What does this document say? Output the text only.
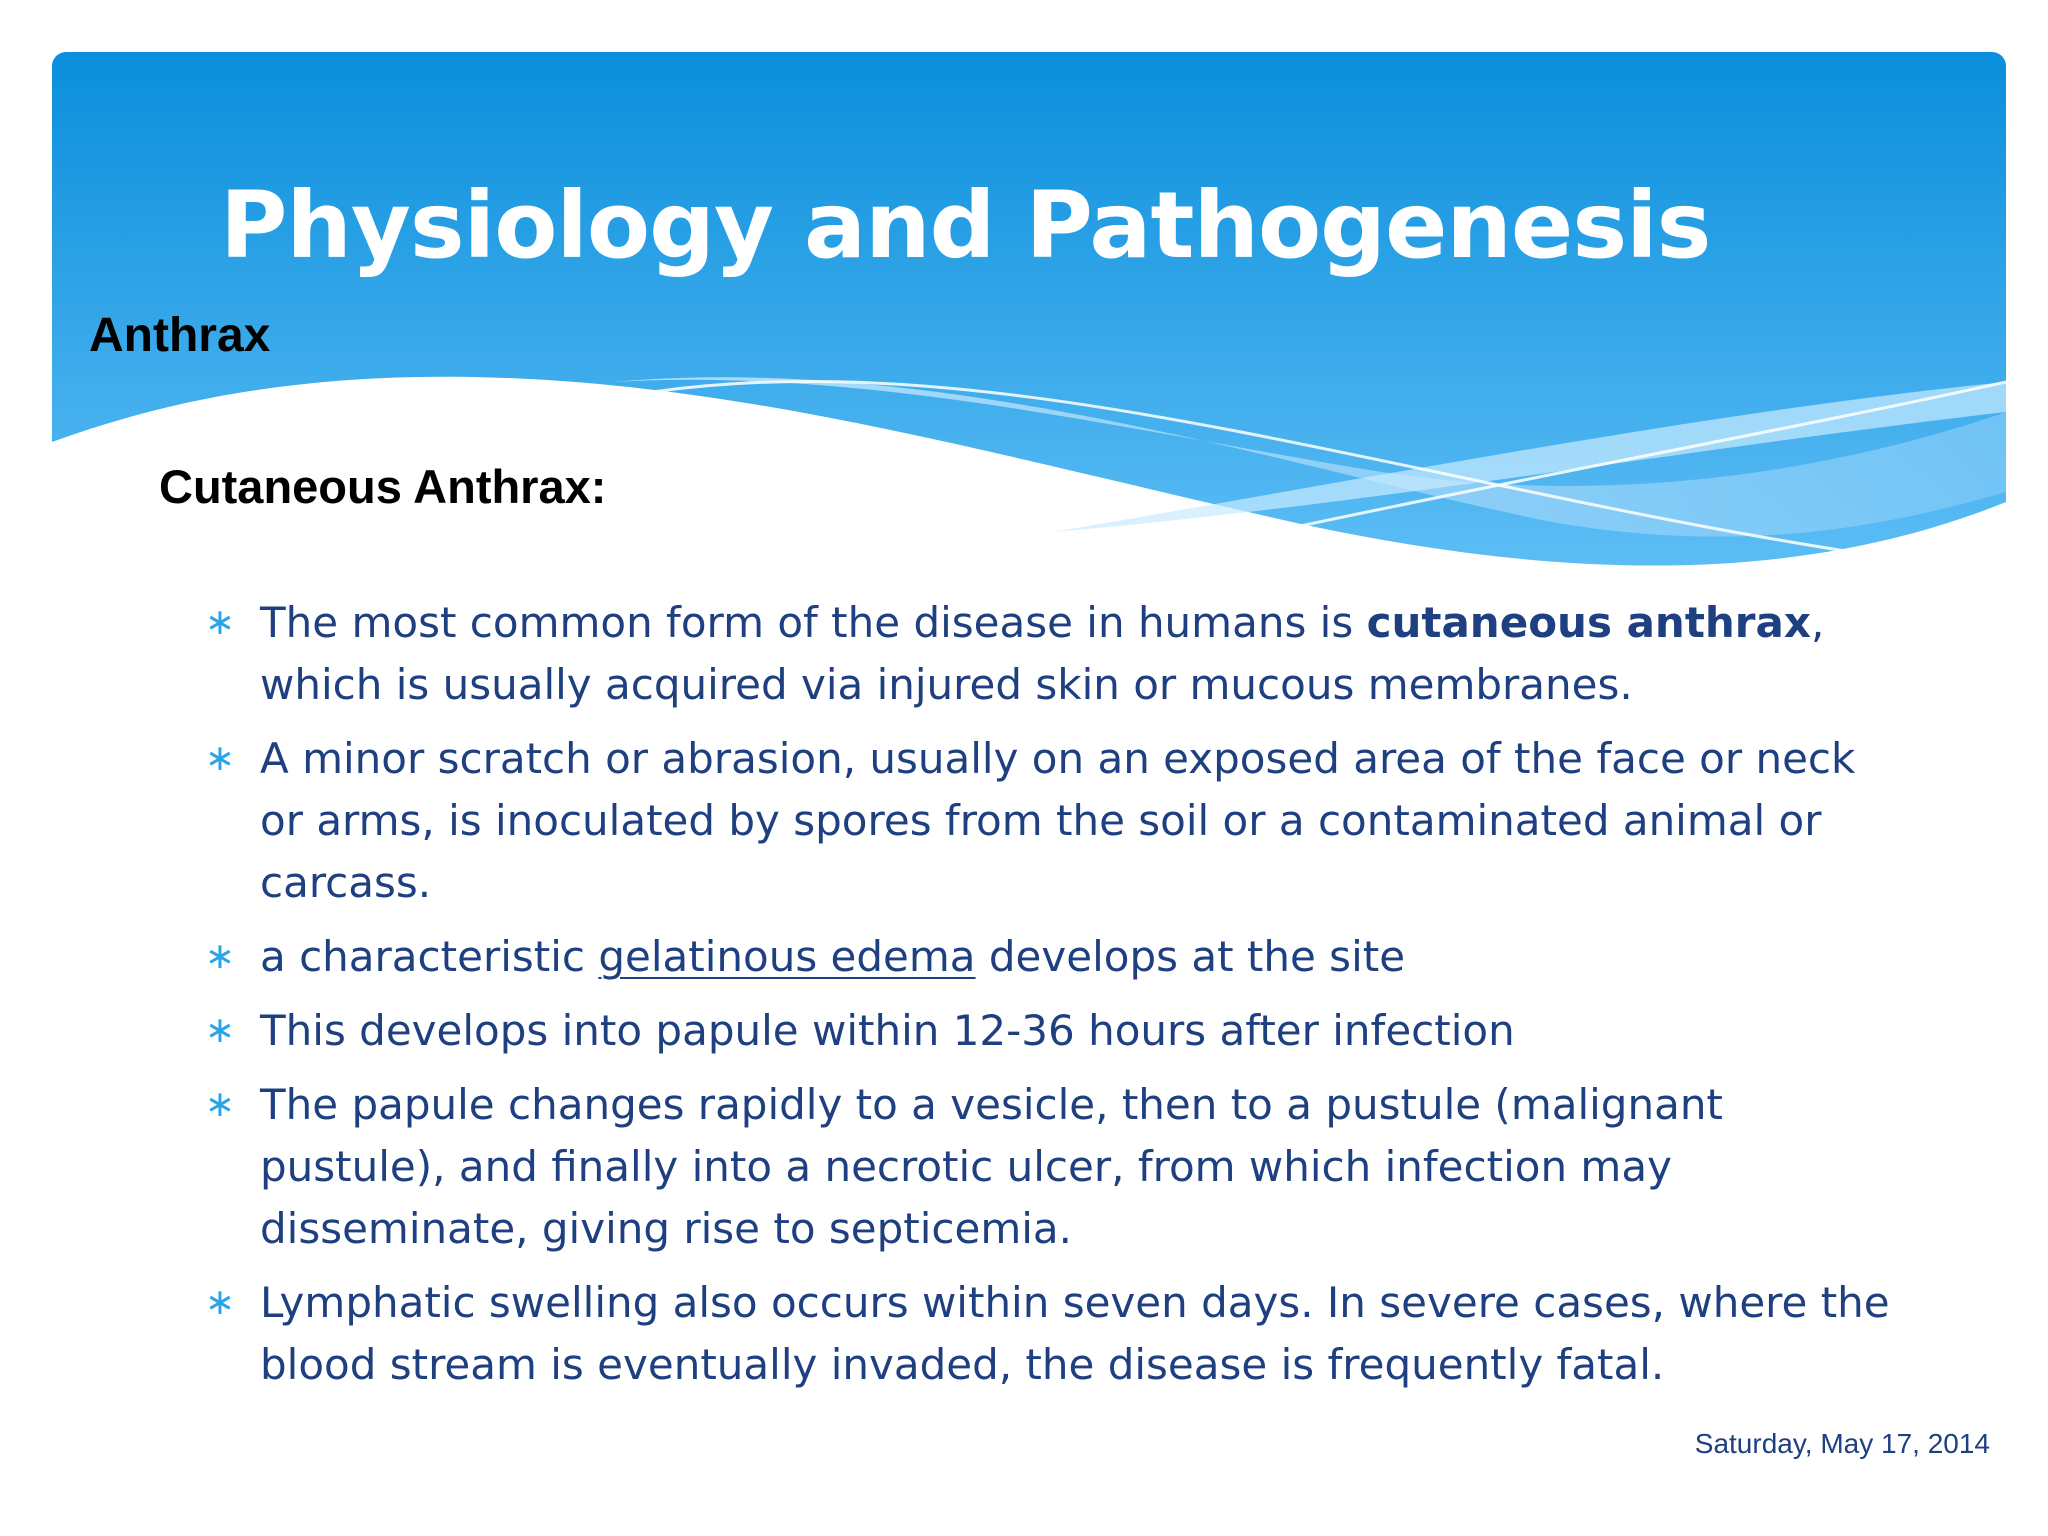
Physiology and Pathogenesis
Anthrax
Cutaneous Anthrax:
∗ The most common form of the disease in humans is cutaneous anthrax, which is usually acquired via injured skin or mucous membranes.
∗ A minor scratch or abrasion, usually on an exposed area of the face or neck or arms, is inoculated by spores from the soil or a contaminated animal or carcass.
∗ a characteristic gelatinous edema develops at the site
∗ This develops into papule within 12-36 hours after infection
∗ The papule changes rapidly to a vesicle, then to a pustule (malignant pustule), and finally into a necrotic ulcer, from which infection may disseminate, giving rise to septicemia.
∗ Lymphatic swelling also occurs within seven days. In severe cases, where the blood stream is eventually invaded, the disease is frequently fatal.

Saturday, May 17, 2014
